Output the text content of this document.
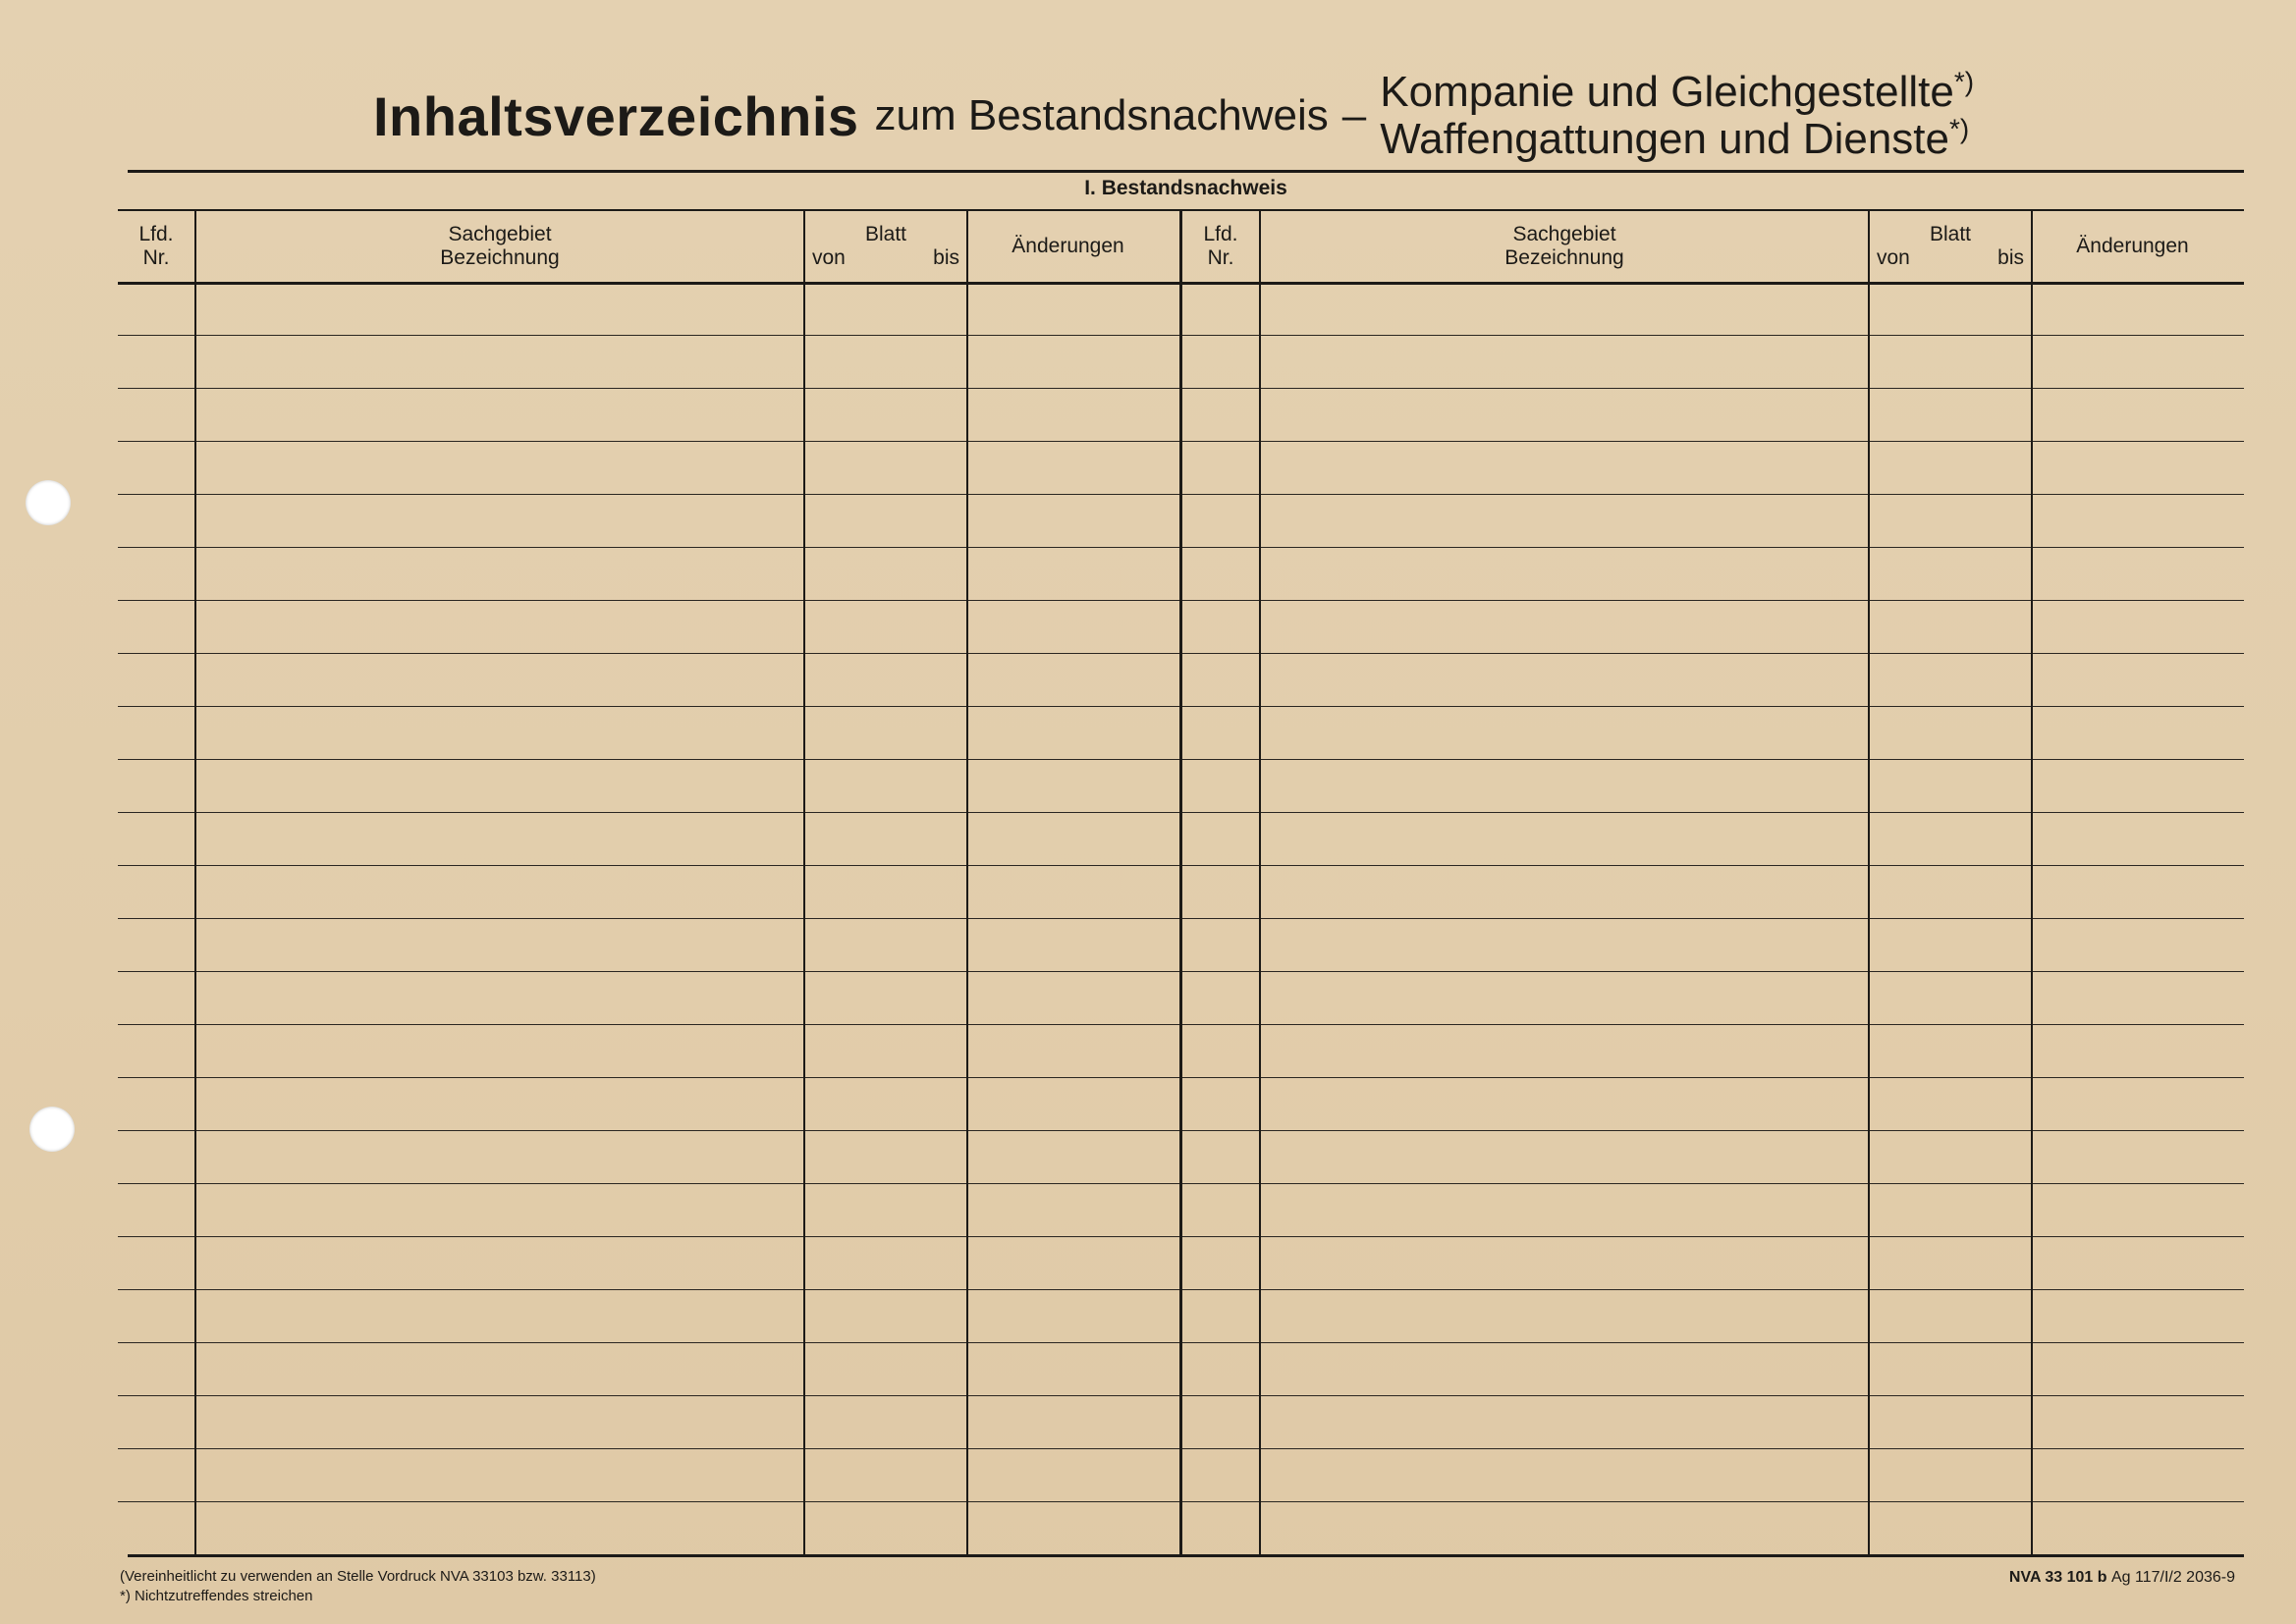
Inhaltsverzeichnis zum Bestandsnachweis – Kompanie und Gleichgestellte*)
Waffengattungen und Dienste*)
I. Bestandsnachweis
Lfd.
Nr.
Sachgebiet
Bezeichnung
Blatt
von	bis
Änderungen
Lfd.
Nr.
Sachgebiet
Bezeichnung
Blatt
von	bis
Änderungen
(Vereinheitlicht zu verwenden an Stelle Vordruck NVA 33103 bzw. 33113)
*) Nichtzutreffendes streichen
NVA 33 101 b Ag 117/I/2 2036-9
